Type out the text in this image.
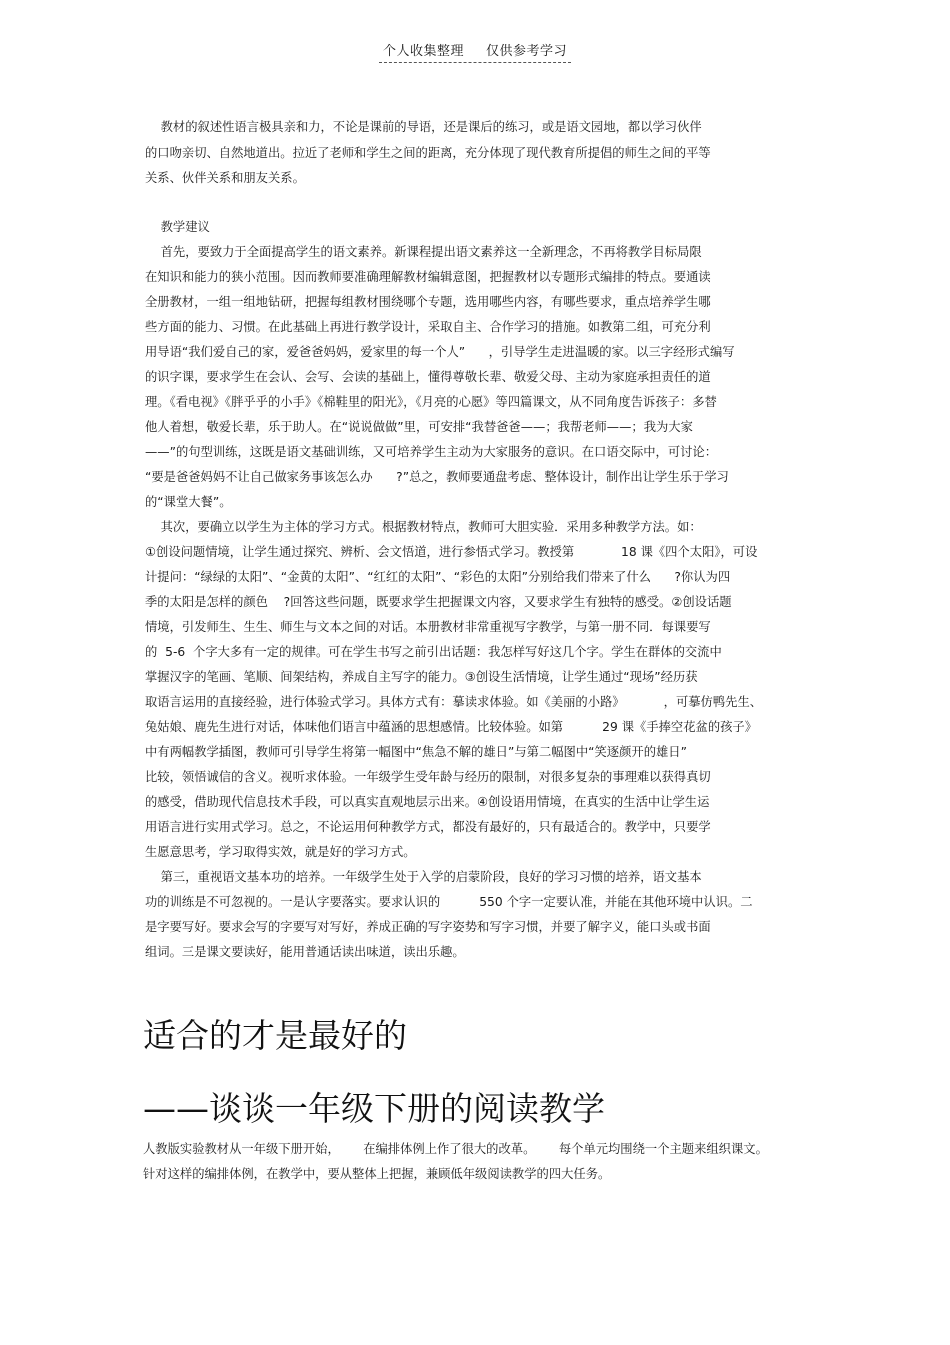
个人收集整理 仅供参考学习
教材的叙述性语言极具亲和力，不论是课前的导语，还是课后的练习，或是语文园地，都以学习伙伴
的口吻亲切、自然地道出。拉近了老师和学生之间的距离，充分体现了现代教育所提倡的师生之间的平等
关系、伙伴关系和朋友关系。
教学建议
首先，要致力于全面提高学生的语文素养。新课程提出语文素养这一全新理念，不再将教学目标局限
在知识和能力的狭小范围。因而教师要准确理解教材编辑意图，把握教材以专题形式编排的特点。要通读
全册教材，一组一组地钻研，把握每组教材围绕哪个专题，选用哪些内容，有哪些要求，重点培养学生哪
些方面的能力、习惯。在此基础上再进行教学设计，采取自主、合作学习的措施。如教第二组，可充分利
用导语“我们爱自己的家，爱爸爸妈妈，爱家里的每一个人”      ，引导学生走进温暖的家。以三字经形式编写
的识字课，要求学生在会认、会写、会读的基础上，懂得尊敬长辈、敬爱父母、主动为家庭承担责任的道
理。《看电视》《胖乎乎的小手》《棉鞋里的阳光》，《月亮的心愿》等四篇课文，从不同角度告诉孩子：多替
他人着想，敬爱长辈，乐于助人。在“说说做做”里，可安排“我替爸爸——；我帮老师——；我为大家
——”的句型训练，这既是语文基础训练，又可培养学生主动为大家服务的意识。在口语交际中，可讨论：
“要是爸爸妈妈不让自己做家务事该怎么办      ?”总之，教师要通盘考虑、整体设计，制作出让学生乐于学习
的“课堂大餐”。
其次，要确立以学生为主体的学习方式。根据教材特点，教师可大胆实验．采用多种教学方法。如：
①创设问题情境，让学生通过探究、辨析、会文悟道，进行参悟式学习。教授第            18 课《四个太阳》，可设
计提问：“绿绿的太阳”、“金黄的太阳”、“红红的太阳”、“彩色的太阳”分别给我们带来了什么      ?你认为四
季的太阳是怎样的颜色    ?回答这些问题，既要求学生把握课文内容，又要求学生有独特的感受。②创设话题
情境，引发师生、生生、师生与文本之间的对话。本册教材非常重视写字教学，与第一册不同．每课要写
的  5-6  个字大多有一定的规律。可在学生书写之前引出话题：我怎样写好这几个字。学生在群体的交流中
掌握汉字的笔画、笔顺、间架结构，养成自主写字的能力。③创设生活情境，让学生通过“现场”经历获
取语言运用的直接经验，进行体验式学习。具体方式有：摹读求体验。如《美丽的小路》          ，可摹仿鸭先生、
兔姑娘、鹿先生进行对话，体味他们语言中蕴涵的思想感情。比较体验。如第          29 课《手捧空花盆的孩子》
中有两幅教学插图，教师可引导学生将第一幅图中“焦急不解的雄日”与第二幅图中“笑逐颜开的雄日”
比较，领悟诚信的含义。视听求体验。一年级学生受年龄与经历的限制，对很多复杂的事理难以获得真切
的感受，借助现代信息技术手段，可以真实直观地层示出来。④创设语用情境，在真实的生活中让学生运
用语言进行实用式学习。总之，不论运用何种教学方式，都没有最好的，只有最适合的。教学中，只要学
生愿意思考，学习取得实效，就是好的学习方式。
第三，重视语文基本功的培养。一年级学生处于入学的启蒙阶段，良好的学习习惯的培养，语文基本
功的训练是不可忽视的。一是认字要落实。要求认识的          550 个字一定要认准，并能在其他环境中认识。二
是字要写好。要求会写的字要写对写好，养成正确的写字姿势和写字习惯，并要了解字义，能口头或书面
组词。三是课文要读好，能用普通话读出味道，读出乐趣。
适合的才是最好的
——谈谈一年级下册的阅读教学
人教版实验教材从一年级下册开始，      在编排体例上作了很大的改革。      每个单元均围绕一个主题来组织课文。
针对这样的编排体例，在教学中，要从整体上把握，兼顾低年级阅读教学的四大任务。
